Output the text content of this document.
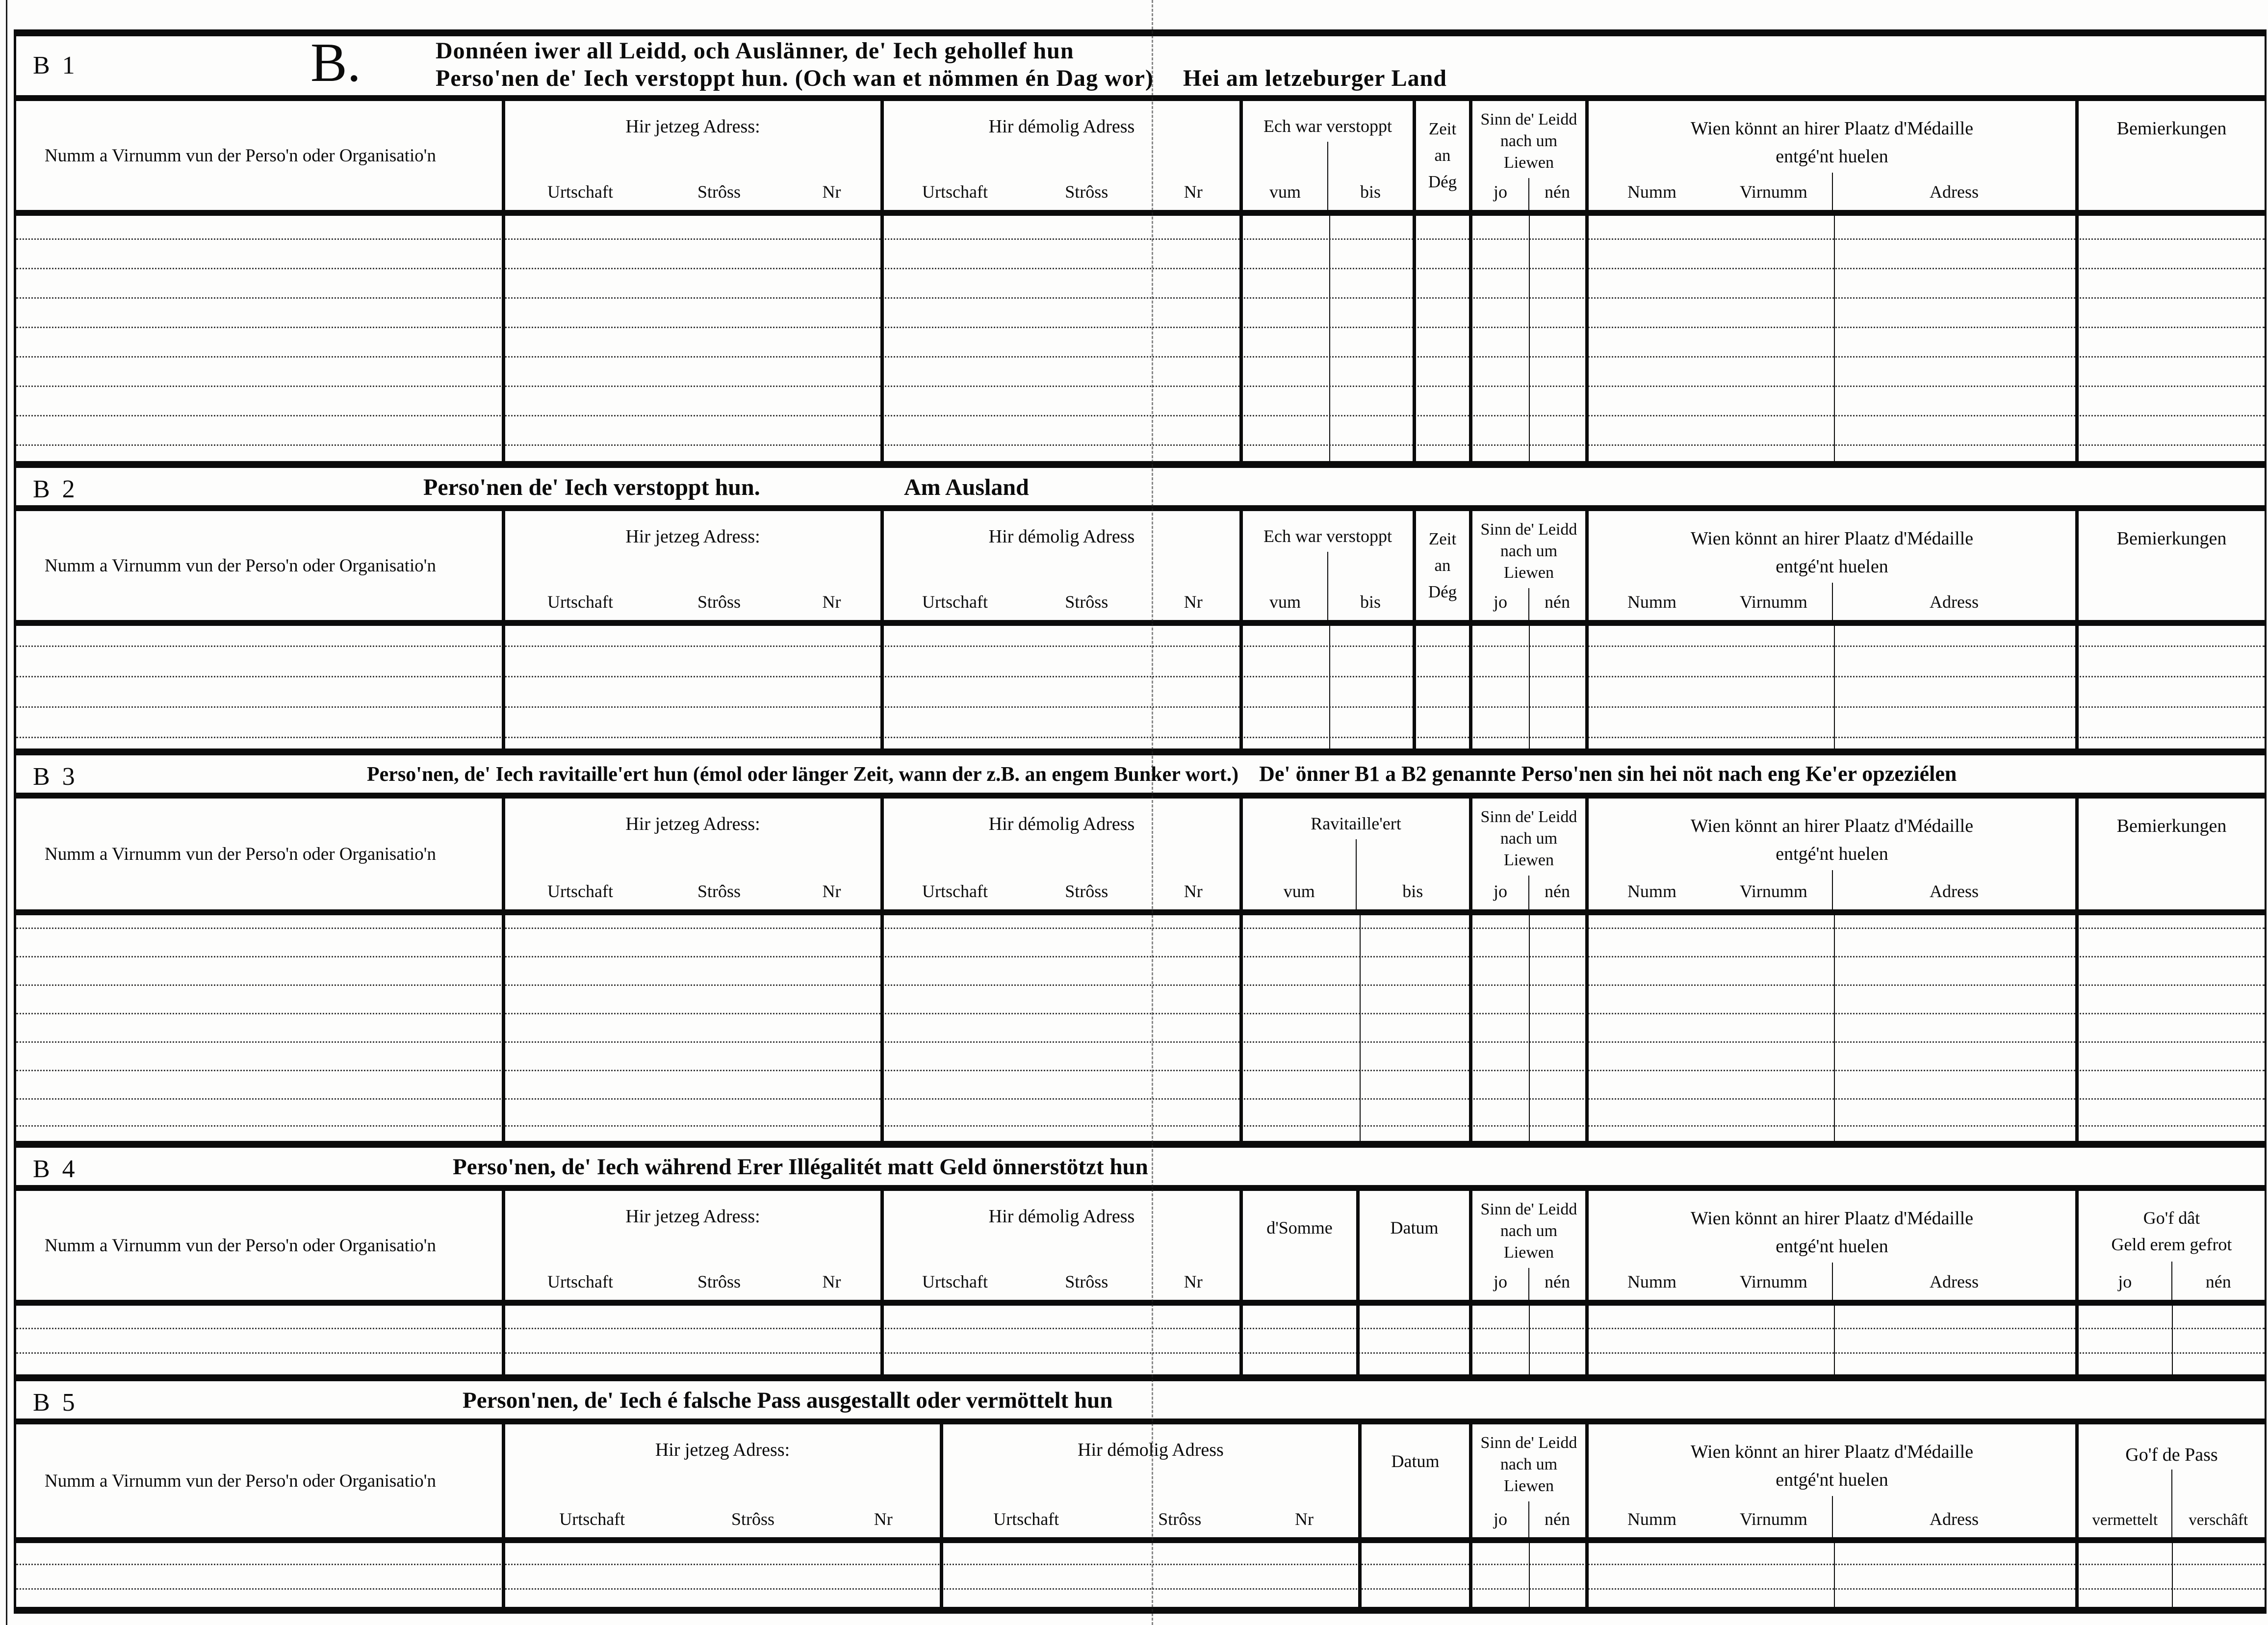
B 1	B.	Donnéen iwer all Leidd, och Auslänner, de' Iech gehollef hun
Perso'nen de' Iech verstoppt hun. (Och wan et nömmen én Dag wor) Hei am letzeburger Land
Numm a Virnumm vun der Perso'n oder Organisatio'n
Hir jetzeg Adress:
Urtschaft	Strôss	Nr
Hir démolig Adress
Urtschaft	Strôss	Nr
Ech war verstoppt
vum	bis
Zeit an Dég
Sinn de' Leidd nach um Liewen
jo	nén
Wien könnt an hirer Plaatz d'Médaille
entgé'nt huelen
Numm	Virnumm	Adress
Bemierkungen
B 2	Perso'nen de' Iech verstoppt hun.	Am Ausland
Numm a Virnumm vun der Perso'n oder Organisatio'n
Hir jetzeg Adress:
Urtschaft	Strôss	Nr
Hir démolig Adress
Urtschaft	Strôss	Nr
Ech war verstoppt
vum	bis
Zeit an Dég
Sinn de' Leidd nach um Liewen
jo	nén
Wien könnt an hirer Plaatz d'Médaille
entgé'nt huelen
Numm	Virnumm	Adress
Bemierkungen
B 3	Perso'nen, de' Iech ravitaille'ert hun (émol oder länger Zeit, wann der z.B. an engem Bunker wort.) De' önner B1 a B2 genannte Perso'nen sin hei nöt nach eng Ke'er opzeziélen
Numm a Virnumm vun der Perso'n oder Organisatio'n
Hir jetzeg Adress:
Urtschaft	Strôss	Nr
Hir démolig Adress
Urtschaft	Strôss	Nr
Ravitaille'ert
vum	bis
Sinn de' Leidd nach um Liewen
jo	nén
Wien könnt an hirer Plaatz d'Médaille
entgé'nt huelen
Numm	Virnumm	Adress
Bemierkungen
B 4	Perso'nen, de' Iech während Erer Illégalitét matt Geld önnerstötzt hun
Numm a Virnumm vun der Perso'n oder Organisatio'n
Hir jetzeg Adress:
Urtschaft	Strôss	Nr
Hir démolig Adress
Urtschaft	Strôss	Nr
d'Somme	Datum
Sinn de' Leidd nach um Liewen
jo	nén
Wien könnt an hirer Plaatz d'Médaille
entgé'nt huelen
Numm	Virnumm	Adress
Go'f dât
Geld erem gefrot
jo	nén
B 5	Person'nen, de' Iech é falsche Pass ausgestallt oder vermöttelt hun
Numm a Virnumm vun der Perso'n oder Organisatio'n
Hir jetzeg Adress:
Urtschaft	Strôss	Nr
Hir démolig Adress
Urtschaft	Strôss	Nr
Datum
Sinn de' Leidd nach um Liewen
jo	nén
Wien könnt an hirer Plaatz d'Médaille
entgé'nt huelen
Numm	Virnumm	Adress
Go'f de Pass
vermettelt	verschâft
